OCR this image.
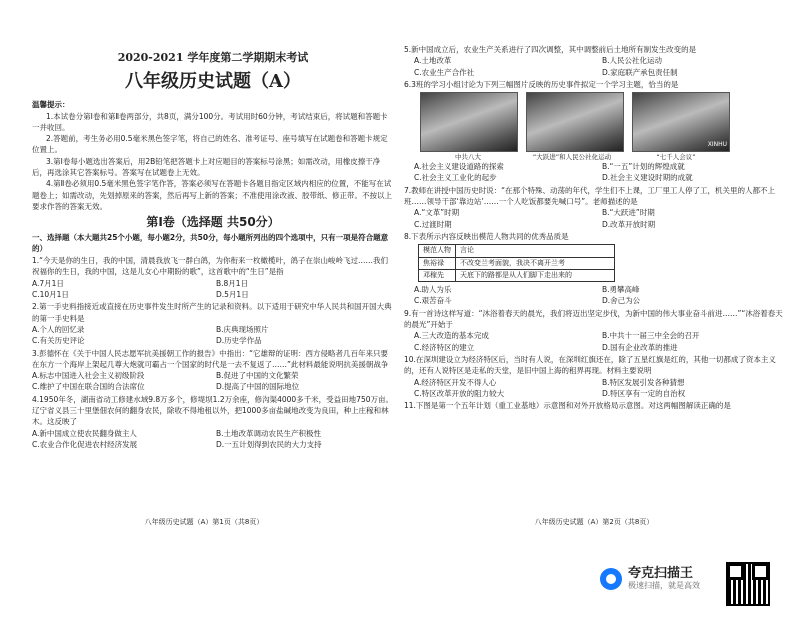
2020-2021 学年度第二学期期末考试
八年级历史试题（A）
温馨提示：
1.本试卷分第Ⅰ卷和第Ⅱ卷两部分，共8页，满分100分。考试用时60分钟，考试结束后，将试题和答题卡一并收回。
2.答题前，考生务必用0.5毫米黑色签字笔，将自己的姓名、准考证号、座号填写在试题卷和答题卡规定位置上。
3.第Ⅰ卷每小题选出答案后，用2B铅笔把答题卡上对应题目的答案标号涂黑；如需改动，用橡皮擦干净后，再选涂其它答案标号。答案写在试题卷上无效。
4.第Ⅱ卷必须用0.5毫米黑色签字笔作答，答案必须写在答题卡各题目指定区域内相应的位置，不能写在试题卷上；如需改动，先划掉原来的答案，然后再写上新的答案；不准使用涂改液、胶带纸、修正带。不按以上要求作答的答案无效。
第Ⅰ卷（选择题 共50分）
一、选择题（本大题共25个小题，每小题2分，共50分，每小题所列出的四个选项中，只有一项是符合题意的）
1.“今天是你的生日，我的中国，清晨我放飞一群白鸽，为你衔来一枚橄榄叶，鸽子在崇山峻岭飞过……我们祝福你的生日，我的中国，这是儿女心中期盼的歌”，这首歌中的“生日”是指
A.7月1日	B.8月1日
C.10月1日	D.5月1日
2.第一手史料指接近或直接在历史事件发生时所产生的记录和资料。以下适用于研究中华人民共和国开国大典的第一手史料是
A.个人的回忆录	B.庆典现场照片
C.有关历史评论	D.历史学作品
3.彭德怀在《关于中国人民志愿军抗美援朝工作的报告》中指出：“它雄辩的证明：西方侵略者几百年来只要在东方一个海岸上架起几尊大炮就可霸占一个国家的时代是一去不复返了……”此材料最能说明抗美援朝战争
A.标志中国进入社会主义初级阶段	B.促进了中国的文化繁荣
C.维护了中国在联合国的合法席位	D.提高了中国的国际地位
4.1950年冬，湖南省动工修建水域9.8万多个，修堤坝1.2万余座，修沟渠4000多千米，受益田地750万亩。辽宁省义县三十里堡佃农何的翻身农民，除收不得地租以外，把1000多亩盐碱地改变为良田，种上庄稼和林木。这反映了
A.新中国成立使农民翻身做主人	B.土地改革调动农民生产积极性
C.农业合作化促进农村经济发展	D.一五计划得到农民的大力支持
八年级历史试题（A）第1页（共8页）
5.新中国成立后，农业生产关系进行了四次调整，其中调整前后土地所有制发生改变的是
A.土地改革	B.人民公社化运动
C.农业生产合作社	D.家庭联产承包责任制
6.3班的学习小组讨论为下列三幅图片反映的历史事件拟定一个学习主题，恰当的是
XINHU
中共八大	“大跃进”和人民公社化运动	“七千人会议”
A.社会主义建设道路的探索	B.“一五”计划的辉煌成就
C.社会主义工业化的起步	D.社会主义建设时期的成就
7.教师在讲授中国历史时说：“在那个特殊、动荡的年代，学生们不上课，工厂里工人停了工，机关里的人都不上班……领导干部‘靠边站’……一个人吃饭都要先喊口号”。老师描述的是
A.“文革”时期	B.“大跃进”时期
C.过渡时期	D.改革开放时期
8.下表所示内容反映出模范人物共同的优秀品质是
模范人物	言论
焦裕禄	不改变兰考面貌，我决不离开兰考
邓稼先	天底下的路都是从人们脚下走出来的
A.助人为乐	B.勇攀高峰
C.艰苦奋斗	D.舍己为公
9.有一首诗这样写道：“沐浴着春天的晨光，我们将迈出坚定步伐，为新中国的伟大事业奋斗前进……”“沐浴着春天的晨光”开始于
A.三大改造的基本完成	B.中共十一届三中全会的召开
C.经济特区的建立	D.国有企业改革的推进
10.在深圳建设立为经济特区后，当时有人说，在深圳红旗还在，除了五星红旗是红的，其他一切都成了资本主义的，还有人说特区是走私的天堂，是旧中国上海的租界再现。材料主要说明
A.经济特区开发不得人心	B.特区发展引发各种猜想
C.特区改革开放的阻力较大	D.特区享有一定的自治权
11.下图是第一个五年计划（重工业基地）示意图和对外开放格局示意图。对这两幅图解读正确的是
八年级历史试题（A）第2页（共8页）
夸克扫描王
极速扫描，就是高效
